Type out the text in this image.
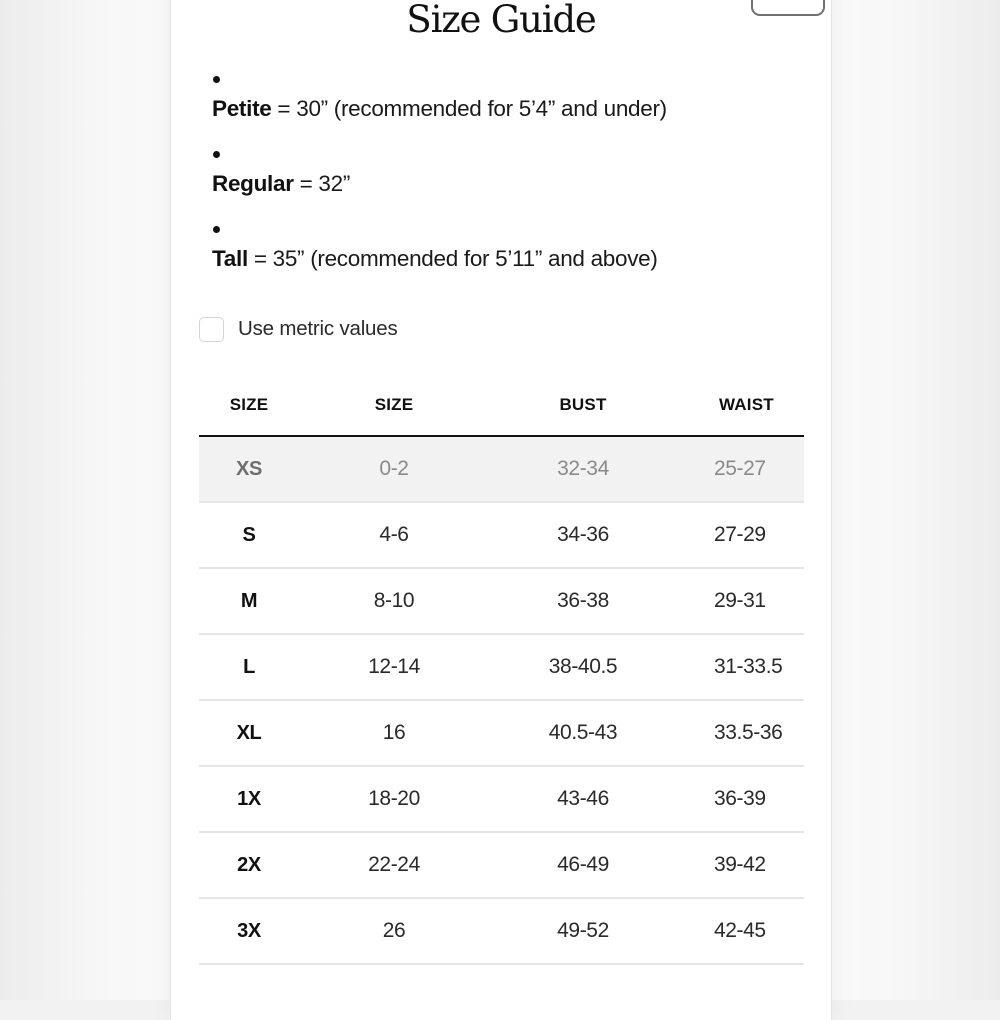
Size Guide
Petite = 30” (recommended for 5’4” and under)
Regular = 32”
Tall = 35” (recommended for 5’11” and above)
Use metric values
SIZE	SIZE	BUST	WAIST
XS	0-2	32-34	25-27
S	4-6	34-36	27-29
M	8-10	36-38	29-31
L	12-14	38-40.5	31-33.5
XL	16	40.5-43	33.5-36
1X	18-20	43-46	36-39
2X	22-24	46-49	39-42
3X	26	49-52	42-45
